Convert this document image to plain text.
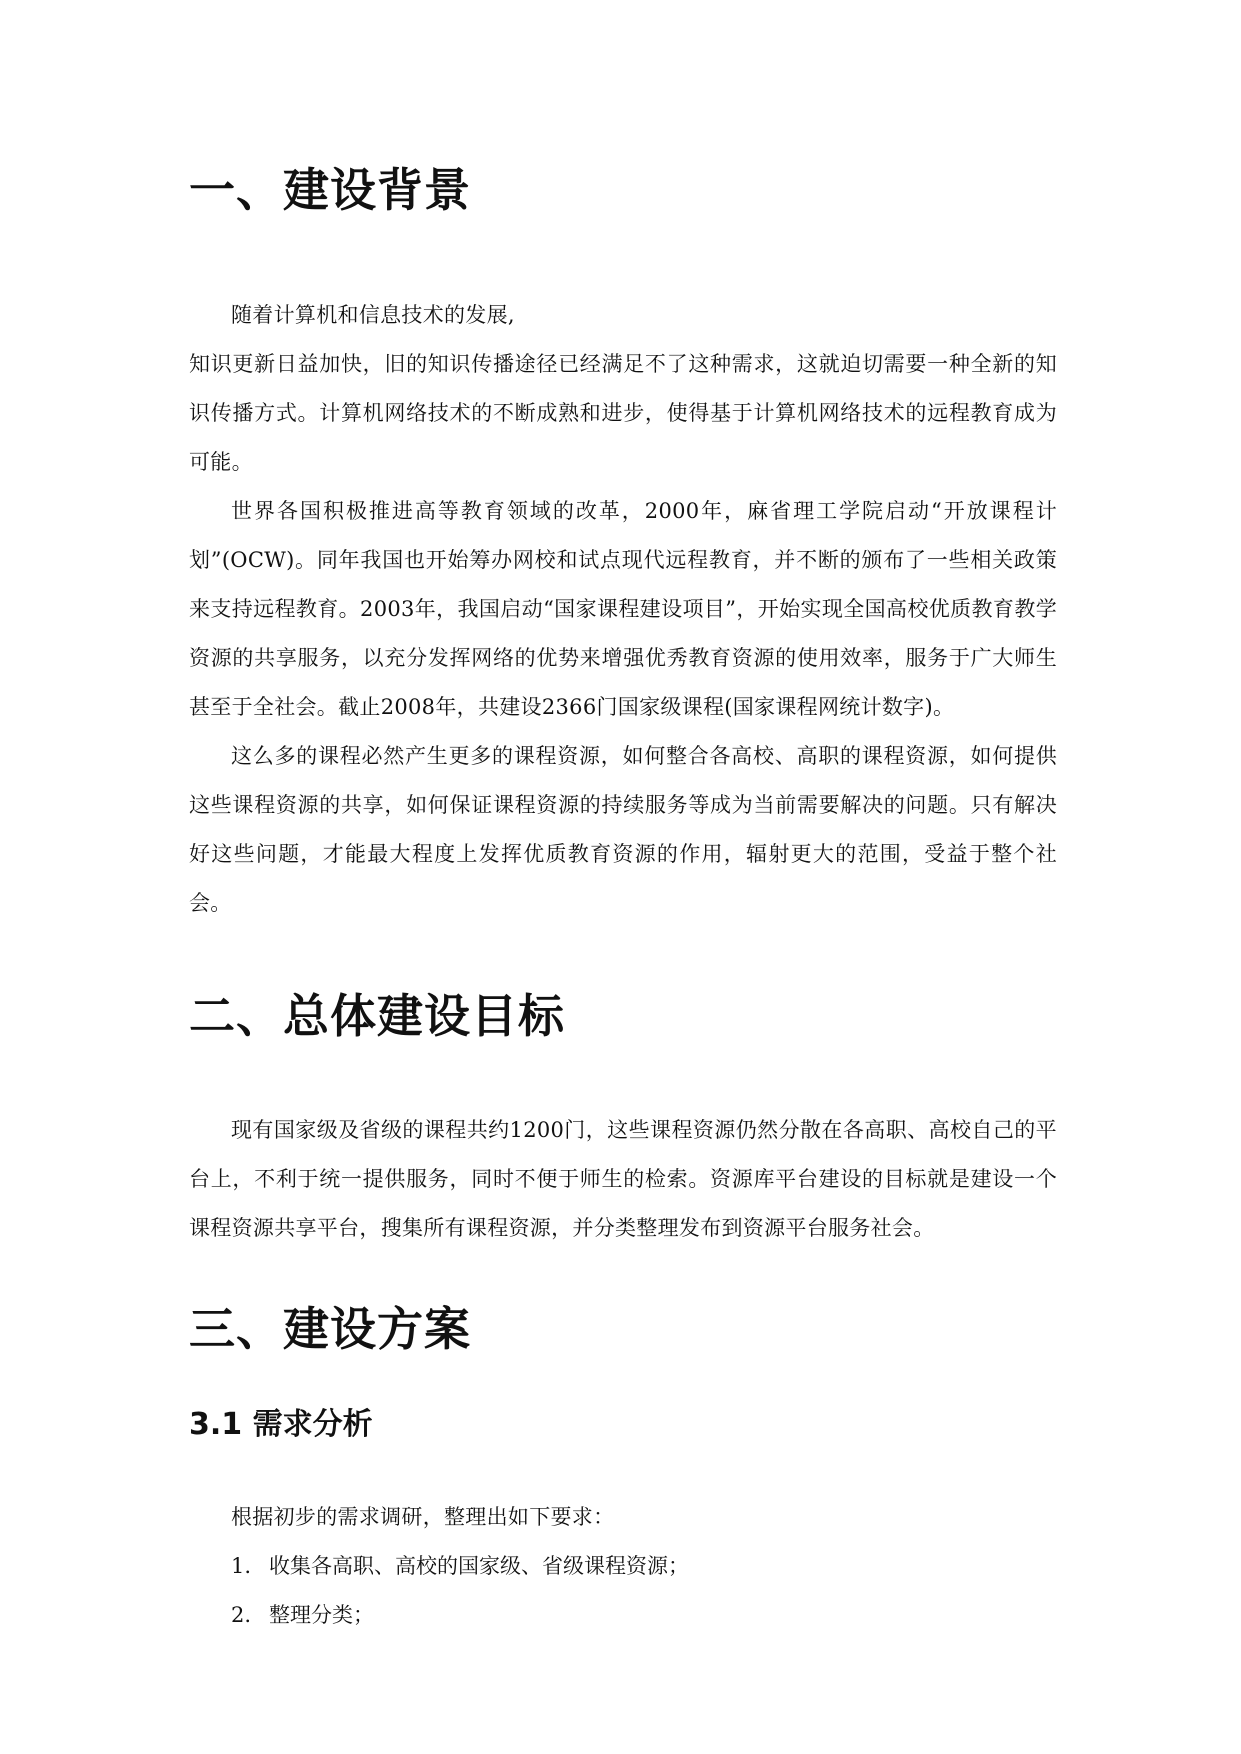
一、建设背景

随着计算机和信息技术的发展,

知识更新日益加快，旧的知识传播途径已经满足不了这种需求，这就迫切需要一种全新的知识传播方式。计算机网络技术的不断成熟和进步，使得基于计算机网络技术的远程教育成为可能。

世界各国积极推进高等教育领域的改革，2000年，麻省理工学院启动“开放课程计划”(OCW)。同年我国也开始筹办网校和试点现代远程教育，并不断的颁布了一些相关政策来支持远程教育。2003年，我国启动“国家课程建设项目”，开始实现全国高校优质教育教学资源的共享服务，以充分发挥网络的优势来增强优秀教育资源的使用效率，服务于广大师生甚至于全社会。截止2008年，共建设2366门国家级课程(国家课程网统计数字)。

这么多的课程必然产生更多的课程资源，如何整合各高校、高职的课程资源，如何提供这些课程资源的共享，如何保证课程资源的持续服务等成为当前需要解决的问题。只有解决好这些问题，才能最大程度上发挥优质教育资源的作用，辐射更大的范围，受益于整个社会。

二、总体建设目标

现有国家级及省级的课程共约1200门，这些课程资源仍然分散在各高职、高校自己的平台上，不利于统一提供服务，同时不便于师生的检索。资源库平台建设的目标就是建设一个课程资源共享平台，搜集所有课程资源，并分类整理发布到资源平台服务社会。

三、建设方案
3.1 需求分析

根据初步的需求调研，整理出如下要求：

1. 收集各高职、高校的国家级、省级课程资源；
2. 整理分类；
